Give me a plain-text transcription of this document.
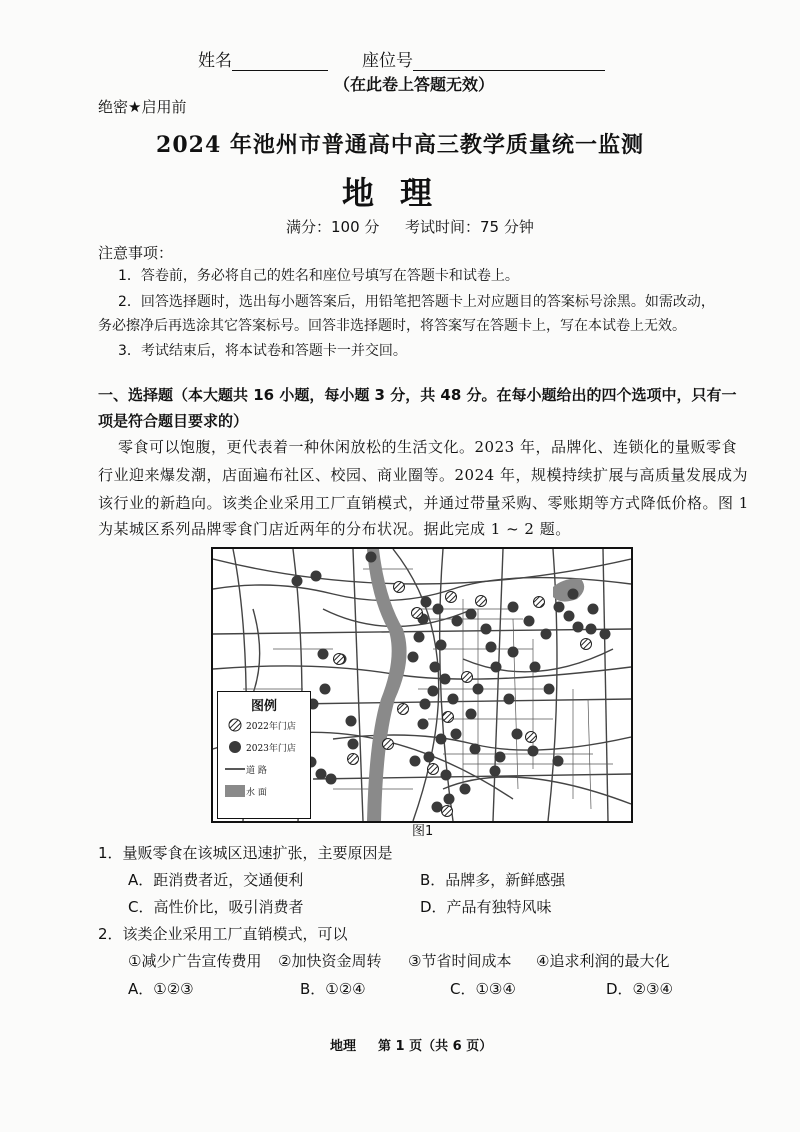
姓名	座位号
（在此卷上答题无效）
绝密★启用前
2024 年池州市普通高中高三教学质量统一监测
地理
满分：100 分 考试时间：75 分钟
注意事项：
1．答卷前，务必将自己的姓名和座位号填写在答题卡和试卷上。
2．回答选择题时，选出每小题答案后，用铅笔把答题卡上对应题目的答案标号涂黑。如需改动，
务必擦净后再选涂其它答案标号。回答非选择题时，将答案写在答题卡上，写在本试卷上无效。
3．考试结束后，将本试卷和答题卡一并交回。
一、选择题（本大题共 16 小题，每小题 3 分，共 48 分。在每小题给出的四个选项中，只有一
项是符合题目要求的）
零食可以饱腹，更代表着一种休闲放松的生活文化。2023 年，品牌化、连锁化的量贩零食
行业迎来爆发潮，店面遍布社区、校园、商业圈等。2024 年，规模持续扩展与高质量发展成为
该行业的新趋向。该类企业采用工厂直销模式，并通过带量采购、零账期等方式降低价格。图 1
为某城区系列品牌零食门店近两年的分布状况。据此完成 1 ~ 2 题。
图例
2022年门店
2023年门店
道 路
水 面
图1
1．量贩零食在该城区迅速扩张，主要原因是
A．距消费者近，交通便利	B．品牌多，新鲜感强
C．高性价比，吸引消费者	D．产品有独特风味
2．该类企业采用工厂直销模式，可以
①减少广告宣传费用 ②加快资金周转 ③节省时间成本 ④追求利润的最大化
A．①②③	B．①②④	C．①③④	D．②③④
地理 第 1 页（共 6 页）
